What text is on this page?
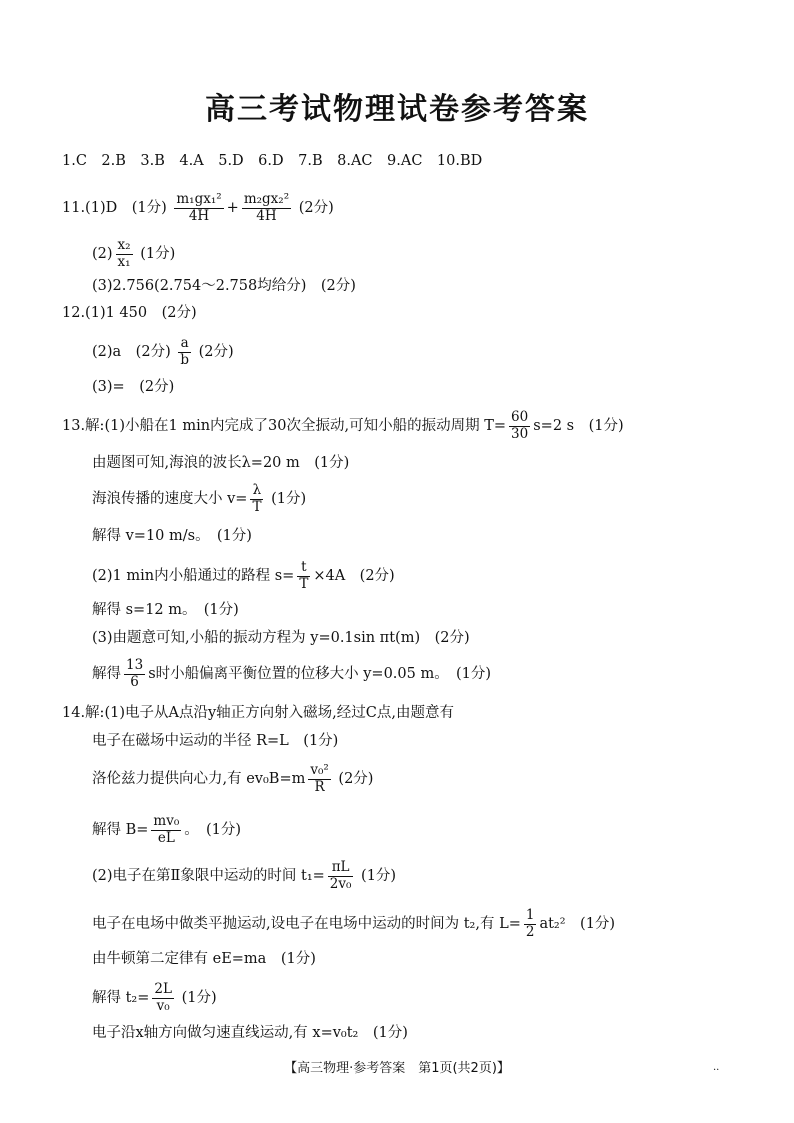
高三考试物理试卷参考答案
1.C　2.B　3.B　4.A　5.D　6.D　7.B　8.AC　9.AC　10.BD
11.(1)D　(1分) $\frac{\text{m₁gx₁²}}{4H} + \frac{\text{m₂gx₂²}}{4H} (2$分)
$(2) \frac{\text{x₂}}{\text{x₁}} (1$分)
(3)2.756(2.754～2.758均给分)　(2分)
12.(1)1 450　(2分)
(2)a　(2分) $\frac{a}{b} (2$分)
(3)=　(2分)
13.解:(1)小船在1 min内完成了30次全振动,可知小船的振动周期 $T= \frac{60}{30} s=2$ s　(1分)
由题图可知,海浪的波长λ=20 m　(1分)
海浪传播的速度大小 $v= \frac{\lambda}{T} (1$分)
解得 v=10 m/s。　(1分)
(2)1 min内小船通过的路程 $s= \frac{t}{T} \times 4A$　(2分)
解得 s=12 m。　(1分)
(3)由题意可知,小船的振动方程为 y=0.1sin πt(m)　(2分)
解得 $\frac{13}{6}$ s时小船偏离平衡位置的位移大小 y=0.05 m。　(1分)
14.解:(1)电子从A点沿y轴正方向射入磁场,经过C点,由题意有
电子在磁场中运动的半径 R=L　(1分)
洛伦兹力提供向心力,有 $ev_0B=m \frac{\text{v₀²}}{R} (2$分)
解得 $B= \frac{\text{mv₀}}{eL}$ 。　(1分)
(2)电子在第Ⅱ象限中运动的时间 $t_1= \frac{\pi L}{\text{2v₀}} (1$分)
电子在电场中做类平抛运动,设电子在电场中运动的时间为 t₂,有 $L= \frac{1}{2} at_2^2$　(1分)
由牛顿第二定律有 eE=ma　(1分)
解得 $t_2= \frac{2L}{\text{v₀}} (1$分)
电子沿x轴方向做匀速直线运动,有 x=v₀t₂　(1分)
【高三物理·参考答案　第1页(共2页)】	..
